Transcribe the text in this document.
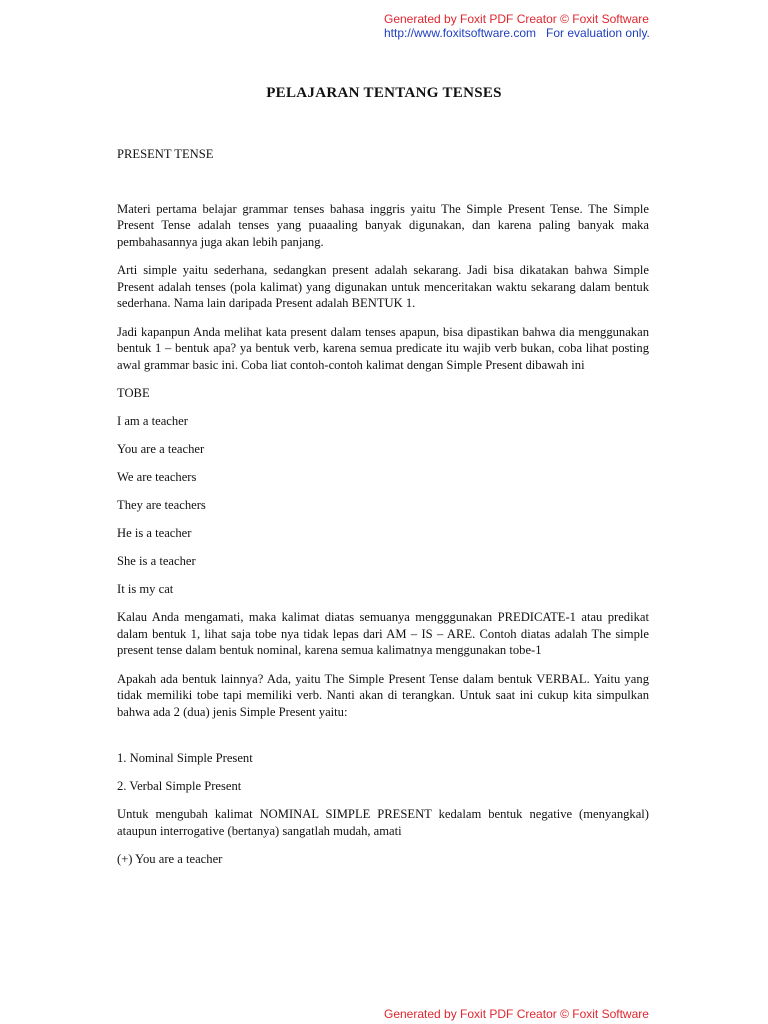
Generated by Foxit PDF Creator © Foxit Software
http://www.foxitsoftware.com   For evaluation only.
PELAJARAN TENTANG TENSES

PRESENT TENSE

Materi pertama belajar grammar tenses bahasa inggris yaitu The Simple Present Tense. The Simple Present Tense adalah tenses yang puaaaling banyak digunakan, dan karena paling banyak maka pembahasannya juga akan lebih panjang.

Arti simple yaitu sederhana, sedangkan present adalah sekarang. Jadi bisa dikatakan bahwa Simple Present adalah tenses (pola kalimat) yang digunakan untuk menceritakan waktu sekarang dalam bentuk sederhana. Nama lain daripada Present adalah BENTUK 1.

Jadi kapanpun Anda melihat kata present dalam tenses apapun, bisa dipastikan bahwa dia menggunakan bentuk 1 – bentuk apa? ya bentuk verb, karena semua predicate itu wajib verb bukan, coba lihat posting awal grammar basic ini. Coba liat contoh-contoh kalimat dengan Simple Present dibawah ini

TOBE

I am a teacher

You are a teacher

We are teachers

They are teachers

He is a teacher

She is a teacher

It is my cat

Kalau Anda mengamati, maka kalimat diatas semuanya mengggunakan PREDICATE-1 atau predikat dalam bentuk 1, lihat saja tobe nya tidak lepas dari AM – IS – ARE. Contoh diatas adalah The simple present tense dalam bentuk nominal, karena semua kalimatnya menggunakan tobe-1

Apakah ada bentuk lainnya? Ada, yaitu The Simple Present Tense dalam bentuk VERBAL. Yaitu yang tidak memiliki tobe tapi memiliki verb. Nanti akan di terangkan. Untuk saat ini cukup kita simpulkan bahwa ada 2 (dua) jenis Simple Present yaitu:

1. Nominal Simple Present

2. Verbal Simple Present

Untuk mengubah kalimat NOMINAL SIMPLE PRESENT kedalam bentuk negative (menyangkal) ataupun interrogative (bertanya) sangatlah mudah, amati

(+) You are a teacher

Generated by Foxit PDF Creator © Foxit Software
